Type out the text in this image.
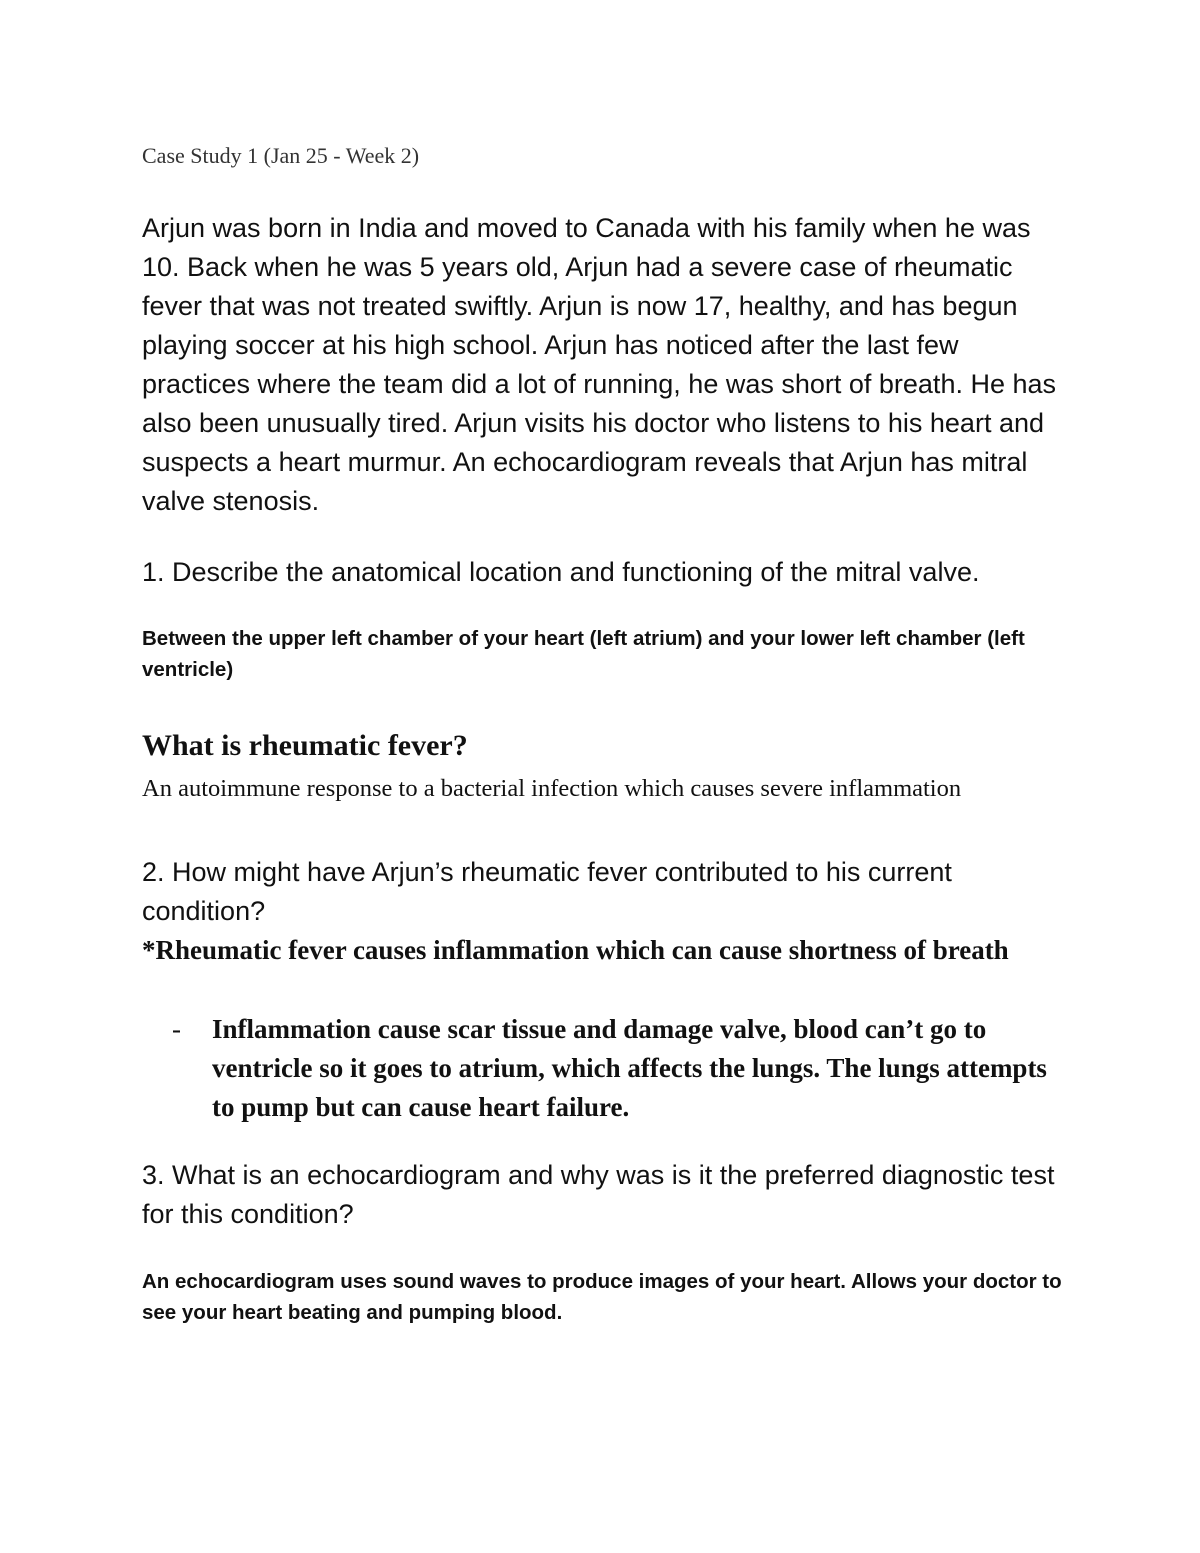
Case Study 1 (Jan 25 - Week 2)

Arjun was born in India and moved to Canada with his family when he was 10. Back when he was 5 years old, Arjun had a severe case of rheumatic fever that was not treated swiftly. Arjun is now 17, healthy, and has begun playing soccer at his high school. Arjun has noticed after the last few practices where the team did a lot of running, he was short of breath. He has also been unusually tired. Arjun visits his doctor who listens to his heart and suspects a heart murmur. An echocardiogram reveals that Arjun has mitral valve stenosis.

1. Describe the anatomical location and functioning of the mitral valve.

Between the upper left chamber of your heart (left atrium) and your lower left chamber (left ventricle)

What is rheumatic fever?
An autoimmune response to a bacterial infection which causes severe inflammation

2. How might have Arjun’s rheumatic fever contributed to his current condition?

*Rheumatic fever causes inflammation which can cause shortness of breath

- Inflammation cause scar tissue and damage valve, blood can’t go to ventricle so it goes to atrium, which affects the lungs. The lungs attempts to pump but can cause heart failure.

3. What is an echocardiogram and why was is it the preferred diagnostic test for this condition?

An echocardiogram uses sound waves to produce images of your heart. Allows your doctor to see your heart beating and pumping blood.
